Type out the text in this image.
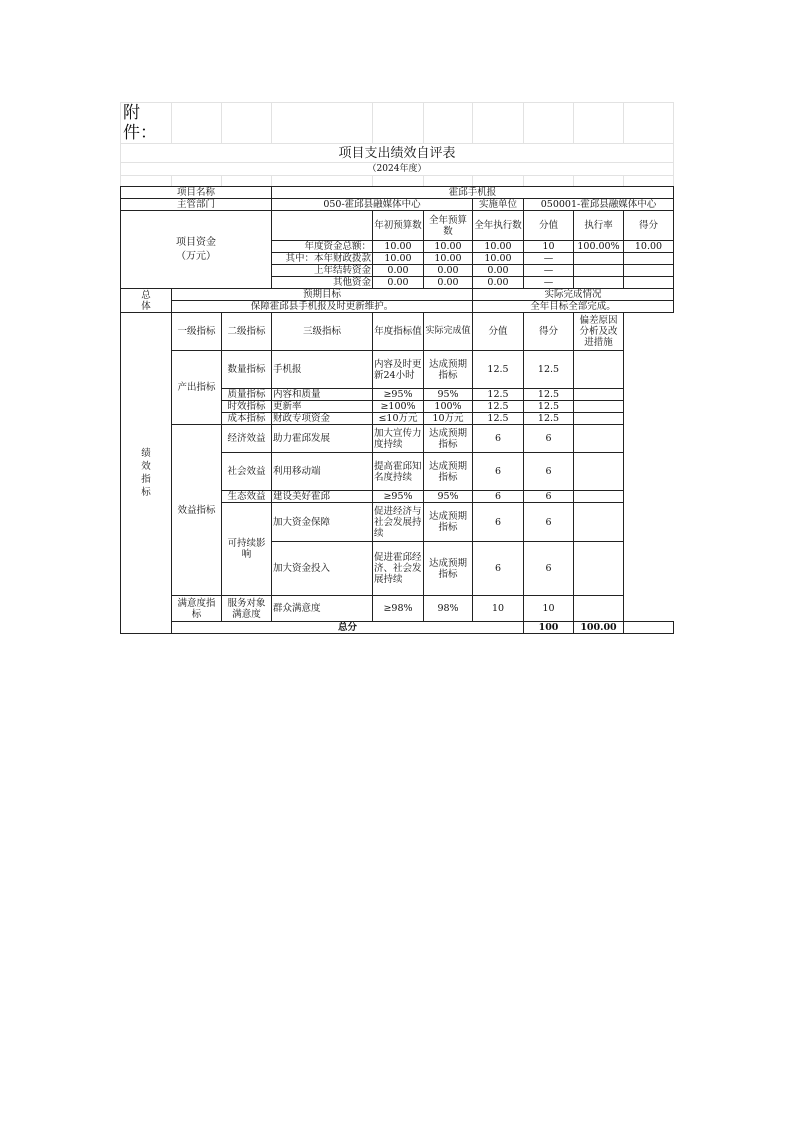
附件：									
项目支出绩效自评表									
（2024年度）									

项目名称			霍邱手机报						
主管部门			050-霍邱县融媒体中心			实施单位	050001-霍邱县融媒体中心		
项目资金
（万元）				年初预算数	全年预算数	全年执行数	分值	执行率	得分
			年度资金总额：	10.00	10.00	10.00	10	100.00%	10.00
			其中：本年财政拨款	10.00	10.00	10.00	—		
			上年结转资金	0.00	0.00	0.00	—		
			其他资金	0.00	0.00	0.00	—		
总
体	预期目标					实际完成情况			
	保障霍邱县手机报及时更新维护。					全年目标全部完成。			
绩
效
指
标	一级指标	二级指标	三级指标	年度指标值	实际完成值	分值	得分	偏差原因分析及改进措施	
	产出指标	数量指标	手机报	内容及时更新24小时	达成预期指标	12.5	12.5		
		质量指标	内容和质量	≥95%	95%	12.5	12.5		
		时效指标	更新率	≥100%	100%	12.5	12.5		
		成本指标	财政专项资金	≤10万元	10万元	12.5	12.5		
	效益指标	经济效益	助力霍邱发展	加大宣传力度持续	达成预期指标	6	6		
		社会效益	利用移动端	提高霍邱知名度持续	达成预期指标	6	6		
		生态效益	建设美好霍邱	≥95%	95%	6	6		
		可持续影响	加大资金保障	促进经济与社会发展持续	达成预期指标	6	6		
			加大资金投入	促进霍邱经济、社会发展持续	达成预期指标	6	6		
	满意度指标	服务对象满意度	群众满意度	≥98%	98%	10	10		
	总分						100	100.00	
